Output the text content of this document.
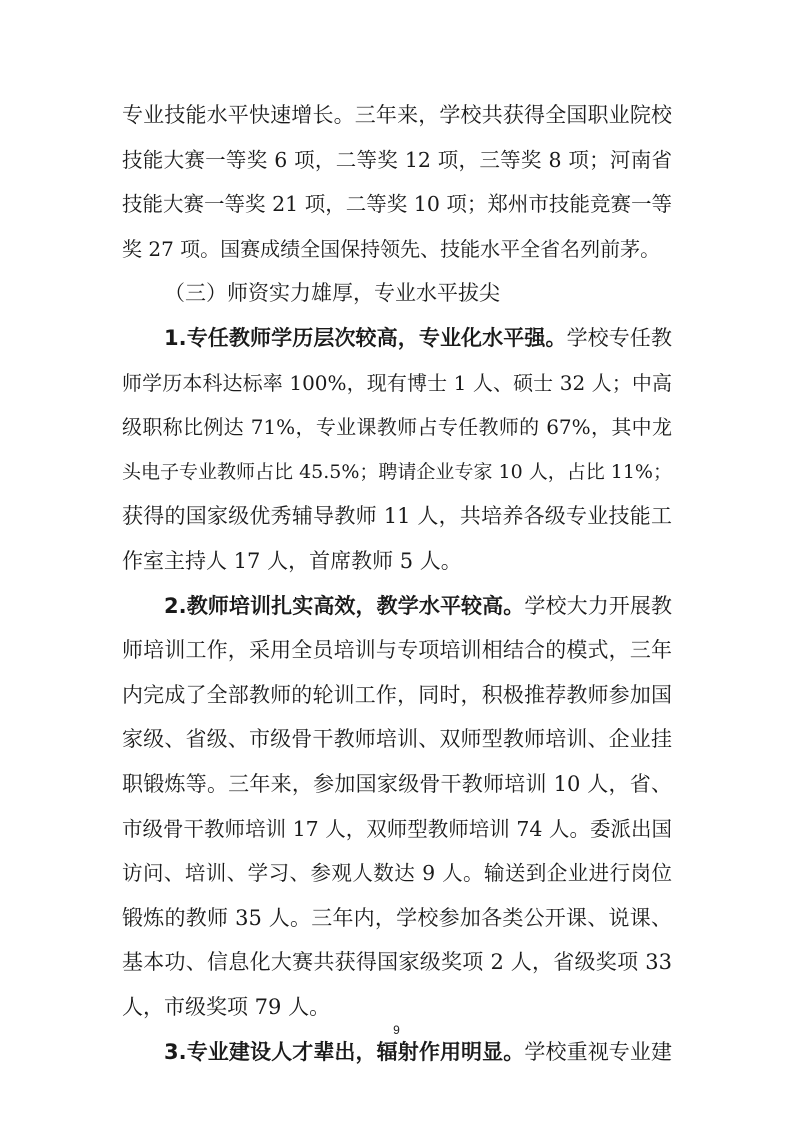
专业技能水平快速增长。三年来，学校共获得全国职业院校
技能大赛一等奖 6 项，二等奖 12 项，三等奖 8 项；河南省
技能大赛一等奖 21 项，二等奖 10 项；郑州市技能竞赛一等
奖 27 项。国赛成绩全国保持领先、技能水平全省名列前茅。
（三）师资实力雄厚，专业水平拔尖
1.专任教师学历层次较高，专业化水平强。学校专任教
师学历本科达标率 100%，现有博士 1 人、硕士 32 人；中高
级职称比例达 71%，专业课教师占专任教师的 67%，其中龙
头电子专业教师占比 45.5%；聘请企业专家 10 人，占比 11%；
获得的国家级优秀辅导教师 11 人，共培养各级专业技能工
作室主持人 17 人，首席教师 5 人。
2.教师培训扎实高效，教学水平较高。学校大力开展教
师培训工作，采用全员培训与专项培训相结合的模式，三年
内完成了全部教师的轮训工作，同时，积极推荐教师参加国
家级、省级、市级骨干教师培训、双师型教师培训、企业挂
职锻炼等。三年来，参加国家级骨干教师培训 10 人，省、
市级骨干教师培训 17 人，双师型教师培训 74 人。委派出国
访问、培训、学习、参观人数达 9 人。输送到企业进行岗位
锻炼的教师 35 人。三年内，学校参加各类公开课、说课、
基本功、信息化大赛共获得国家级奖项 2 人，省级奖项 33
人，市级奖项 79 人。
3.专业建设人才辈出，辐射作用明显。学校重视专业建
9
